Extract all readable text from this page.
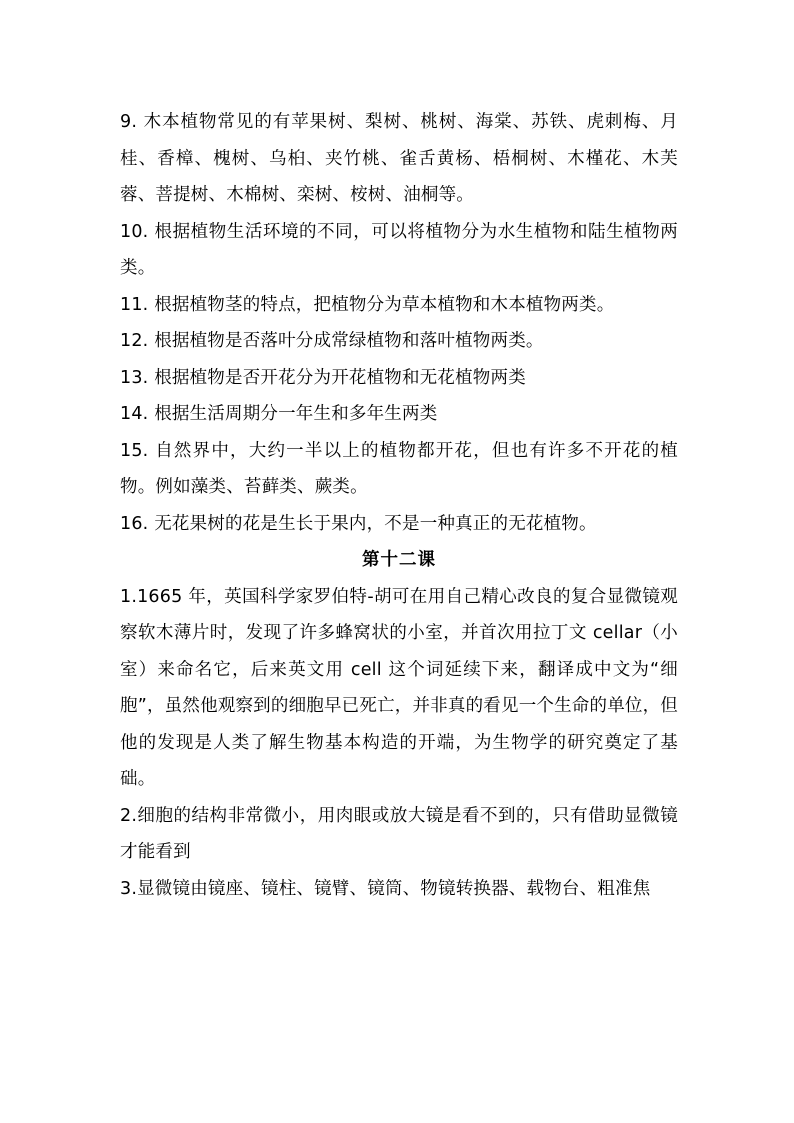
9. 木本植物常见的有苹果树、梨树、桃树、海棠、苏铁、虎刺梅、月桂、香樟、槐树、乌桕、夹竹桃、雀舌黄杨、梧桐树、木槿花、木芙蓉、菩提树、木棉树、栾树、桉树、油桐等。

10. 根据植物生活环境的不同，可以将植物分为水生植物和陆生植物两类。

11. 根据植物茎的特点，把植物分为草本植物和木本植物两类。

12. 根据植物是否落叶分成常绿植物和落叶植物两类。

13. 根据植物是否开花分为开花植物和无花植物两类

14. 根据生活周期分一年生和多年生两类

15. 自然界中，大约一半以上的植物都开花，但也有许多不开花的植物。例如藻类、苔藓类、蕨类。

16. 无花果树的花是生长于果内，不是一种真正的无花植物。

第十二课

1.1665 年，英国科学家罗伯特-胡可在用自己精心改良的复合显微镜观察软木薄片时，发现了许多蜂窝状的小室，并首次用拉丁文 cellar（小室）来命名它，后来英文用 cell 这个词延续下来，翻译成中文为“细胞”，虽然他观察到的细胞早已死亡，并非真的看见一个生命的单位，但他的发现是人类了解生物基本构造的开端，为生物学的研究奠定了基础。

2.细胞的结构非常微小，用肉眼或放大镜是看不到的，只有借助显微镜才能看到

3.显微镜由镜座、镜柱、镜臂、镜筒、物镜转换器、载物台、粗准焦
